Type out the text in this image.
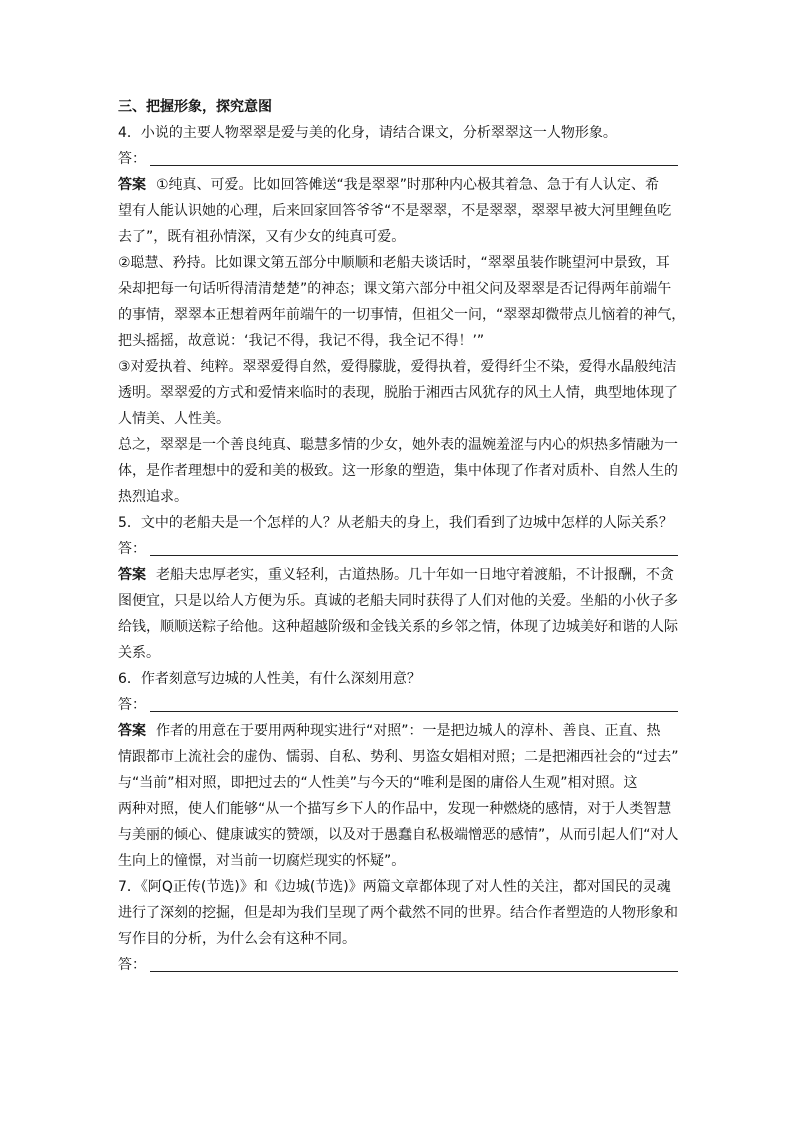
三、把握形象，探究意图
4．小说的主要人物翠翠是爱与美的化身，请结合课文，分析翠翠这一人物形象。
答：
答案 ①纯真、可爱。比如回答傩送“我是翠翠”时那种内心极其着急、急于有人认定、希
望有人能认识她的心理，后来回家回答爷爷“不是翠翠，不是翠翠，翠翠早被大河里鲤鱼吃
去了”，既有祖孙情深，又有少女的纯真可爱。
②聪慧、矜持。比如课文第五部分中顺顺和老船夫谈话时，“翠翠虽装作眺望河中景致，耳
朵却把每一句话听得清清楚楚”的神态；课文第六部分中祖父问及翠翠是否记得两年前端午
的事情，翠翠本正想着两年前端午的一切事情，但祖父一问，“翠翠却微带点儿恼着的神气，
把头摇摇，故意说：‘我记不得，我记不得，我全记不得！’”
③对爱执着、纯粹。翠翠爱得自然，爱得朦胧，爱得执着，爱得纤尘不染，爱得水晶般纯洁
透明。翠翠爱的方式和爱情来临时的表现，脱胎于湘西古风犹存的风土人情，典型地体现了
人情美、人性美。
总之，翠翠是一个善良纯真、聪慧多情的少女，她外表的温婉羞涩与内心的炽热多情融为一
体，是作者理想中的爱和美的极致。这一形象的塑造，集中体现了作者对质朴、自然人生的
热烈追求。
5．文中的老船夫是一个怎样的人？从老船夫的身上，我们看到了边城中怎样的人际关系？
答：
答案 老船夫忠厚老实，重义轻利，古道热肠。几十年如一日地守着渡船，不计报酬，不贪
图便宜，只是以给人方便为乐。真诚的老船夫同时获得了人们对他的关爱。坐船的小伙子多
给钱，顺顺送粽子给他。这种超越阶级和金钱关系的乡邻之情，体现了边城美好和谐的人际
关系。
6．作者刻意写边城的人性美，有什么深刻用意？
答：
答案 作者的用意在于要用两种现实进行“对照”：一是把边城人的淳朴、善良、正直、热
情跟都市上流社会的虚伪、懦弱、自私、势利、男盗女娼相对照；二是把湘西社会的“过去”
与“当前”相对照，即把过去的“人性美”与今天的“唯利是图的庸俗人生观”相对照。这
两种对照，使人们能够“从一个描写乡下人的作品中，发现一种燃烧的感情，对于人类智慧
与美丽的倾心、健康诚实的赞颂，以及对于愚蠢自私极端憎恶的感情”，从而引起人们“对人
生向上的憧憬，对当前一切腐烂现实的怀疑”。
7．《阿Q正传(节选)》和《边城(节选)》两篇文章都体现了对人性的关注，都对国民的灵魂
进行了深刻的挖掘，但是却为我们呈现了两个截然不同的世界。结合作者塑造的人物形象和
写作目的分析，为什么会有这种不同。
答：
